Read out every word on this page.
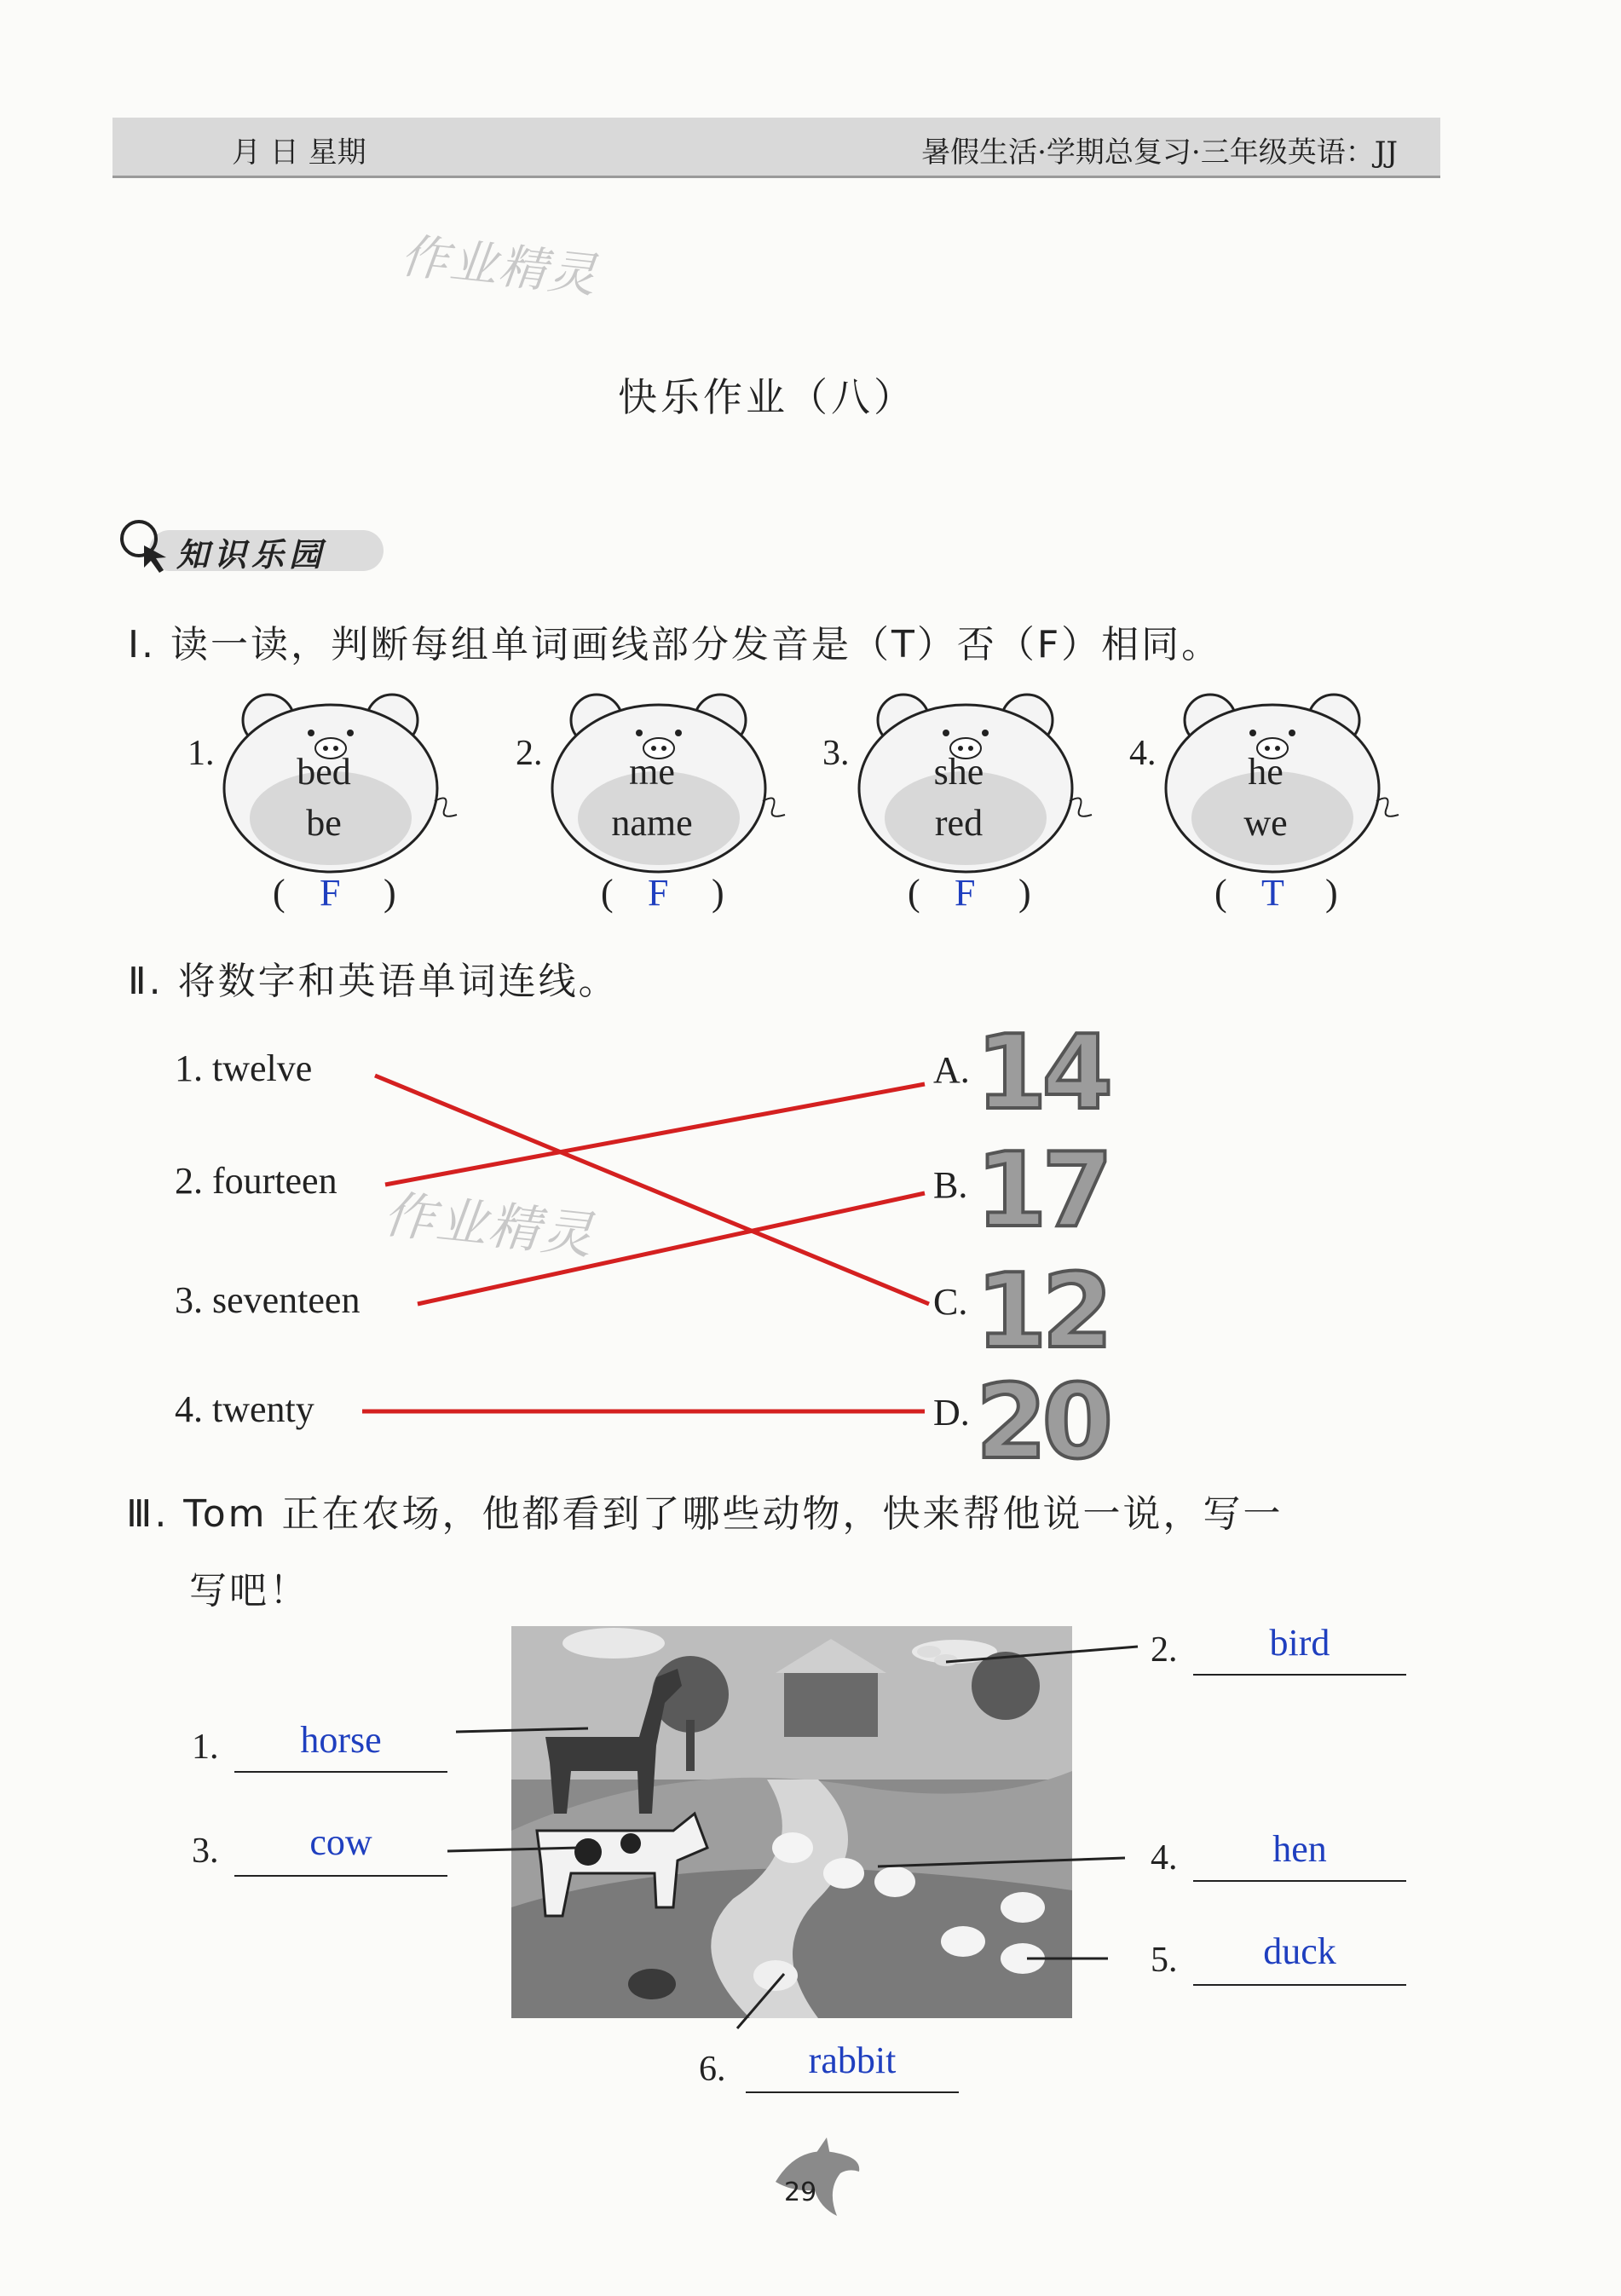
月 日 星期	暑假生活·学期总复习·三年级英语：JJ
作业精灵
快乐作业（八）
知识乐园
Ⅰ. 读一读，判断每组单词画线部分发音是（T）否（F）相同。
1.	bed
be
( F )
2.	me
name
( F )
3.	she
red
( F )
4.	he
we
( T )
Ⅱ. 将数字和英语单词连线。
1. twelve
2. fourteen
3. seventeen
4. twenty
A.
B.
C.
D.
14
17
12
20
作业精灵
Ⅲ. Tom 正在农场，他都看到了哪些动物，快来帮他说一说，写一
写吧！
1.	horse
2.	bird
3.	cow	4.	hen
5.	duck
6.	rabbit
29
